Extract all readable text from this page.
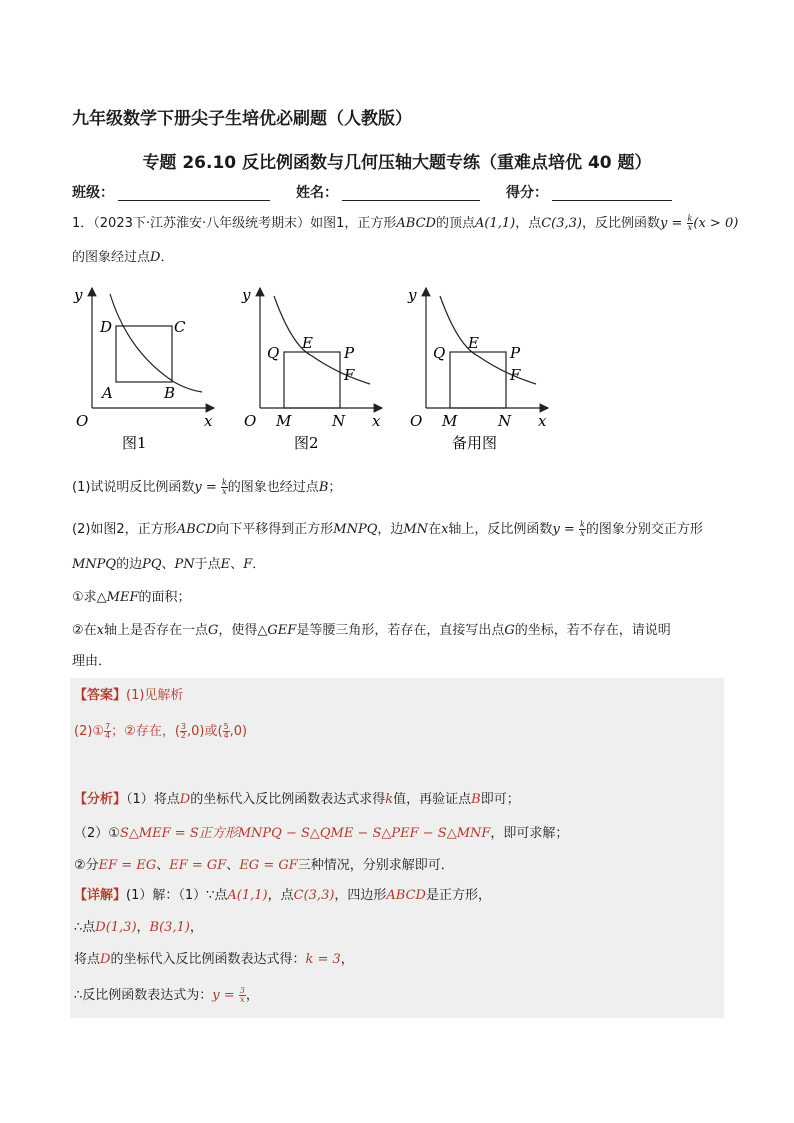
九年级数学下册尖子生培优必刷题（人教版）
专题 26.10 反比例函数与几何压轴大题专练（重难点培优 40 题）
班级：	姓名：	得分：
1．（2023下·江苏淮安·八年级统考期末）如图1，正方形ABCD的顶点A(1,1)，点C(3,3)，反比例函数$y = \frac{k}{x} (x > 0)$
的图象经过点D．
y
x
O
D	C
A	B
图1
y
x
O
Q
E
P
F
M	N
图2
y
x
O
Q
E
P
F
M	N
备用图
(1)试说明反比例函数$y = \frac{k}{x}$ 的图象也经过点B；
(2)如图2，正方形ABCD向下平移得到正方形MNPQ，边MN在x轴上，反比例函数$y = \frac{k}{x}$ 的图象分别交正方形
MNPQ的边PQ、PN于点E、F．
①求△MEF的面积；
②在x轴上是否存在一点G，使得△GEF是等腰三角形，若存在，直接写出点G的坐标，若不存在，请说明
理由．
【答案】(1)见解析
(2)① $\frac{7}{4}$ ；②存在，( $\frac{3}{2} ,0$)或( $\frac{5}{4} ,0$)
【分析】（1）将点D的坐标代入反比例函数表达式求得k值，再验证点B即可；
（2）①S△MEF = S正方形MNPQ − S△QME − S△PEF − S△MNF，即可求解；
②分EF = EG、EF = GF、EG = GF三种情况，分别求解即可．
【详解】(1）解：（1）∵点A(1,1)，点C(3,3)，四边形ABCD是正方形，
∴点D(1,3)，B(3,1)，
将点D的坐标代入反比例函数表达式得：k = 3，
∴反比例函数表达式为：$y = \frac{3}{x}$ ，
